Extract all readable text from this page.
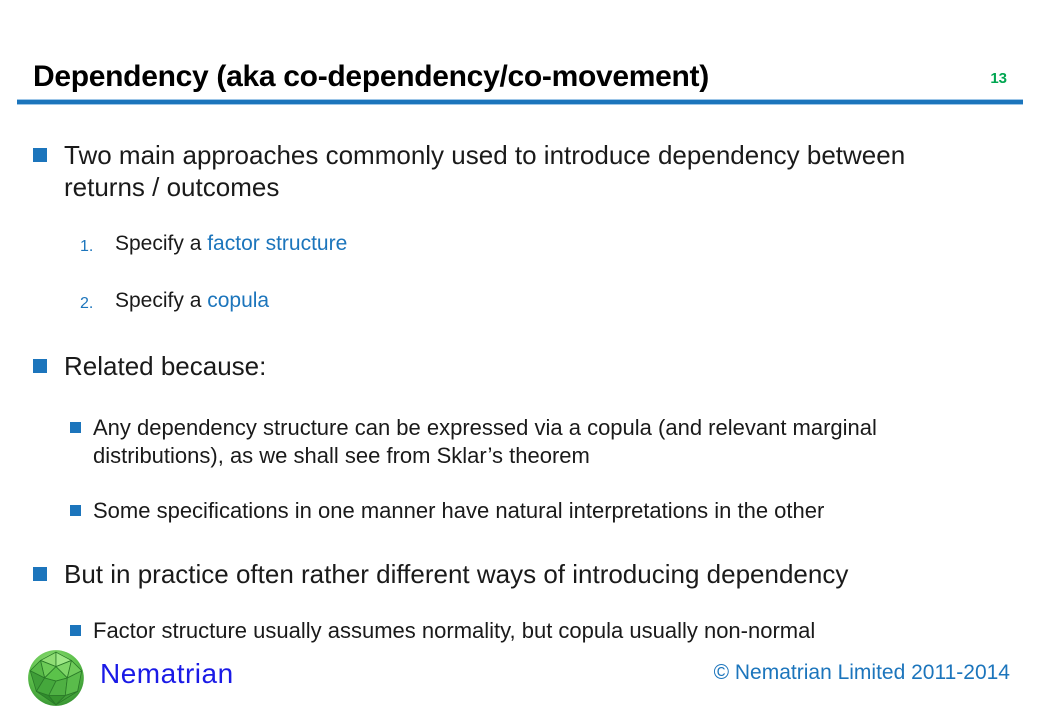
Dependency (aka co-dependency/co-movement)	13
Two main approaches commonly used to introduce dependency between returns / outcomes
1.	Specify a factor structure
2.	Specify a copula
Related because:
Any dependency structure can be expressed via a copula (and relevant marginal distributions), as we shall see from Sklar’s theorem
Some specifications in one manner have natural interpretations in the other
But in practice often rather different ways of introducing dependency
Factor structure usually assumes normality, but copula usually non-normal
Nematrian	© Nematrian Limited 2011-2014
